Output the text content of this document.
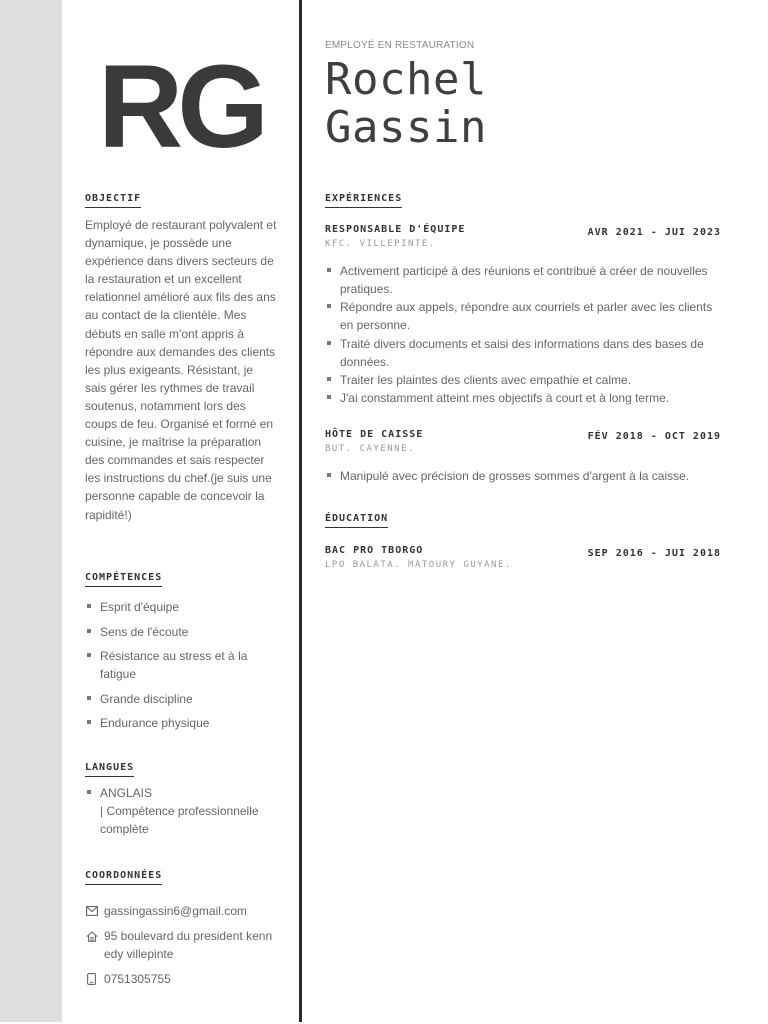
RG
OBJECTIF

Employé de restaurant polyvalent et dynamique, je possède une expérience dans divers secteurs de la restauration et un excellent relationnel amélioré aux fils des ans au contact de la clientèle. Mes débuts en salle m'ont appris à répondre aux demandes des clients les plus exigeants. Résistant, je sais gérer les rythmes de travail soutenus, notamment lors des coups de feu. Organisé et formé en cuisine, je maîtrise la préparation des commandes et sais respecter les instructions du chef.(je suis une personne capable de concevoir la rapidité!)

COMPÉTENCES
Esprit d'équipe
Sens de l'écoute
Résistance au stress et à la fatigue
Grande discipline
Endurance physique
LANGUES
ANGLAIS
| Compétence professionnelle complète
COORDONNÉES
gassingassin6@gmail.com
95 boulevard du president kennedy villepinte
0751305755
EMPLOYÉ EN RESTAURATION
Rochel
Gassin
EXPÉRIENCES
RESPONSABLE D'ÉQUIPE	AVR 2021 - JUI 2023
KFC. VILLEPINTE.
Activement participé à des réunions et contribué à créer de nouvelles pratiques.
Répondre aux appels, répondre aux courriels et parler avec les clients en personne.
Traité divers documents et saisi des informations dans des bases de données.
Traiter les plaintes des clients avec empathie et calme.
J'ai constamment atteint mes objectifs à court et à long terme.
HÔTE DE CAISSE	FÉV 2018 - OCT 2019
BUT. CAYENNE.
Manipulé avec précision de grosses sommes d'argent à la caisse.
ÉDUCATION
BAC PRO TBORGO	SEP 2016 - JUI 2018
LPO BALATA. MATOURY GUYANE.
